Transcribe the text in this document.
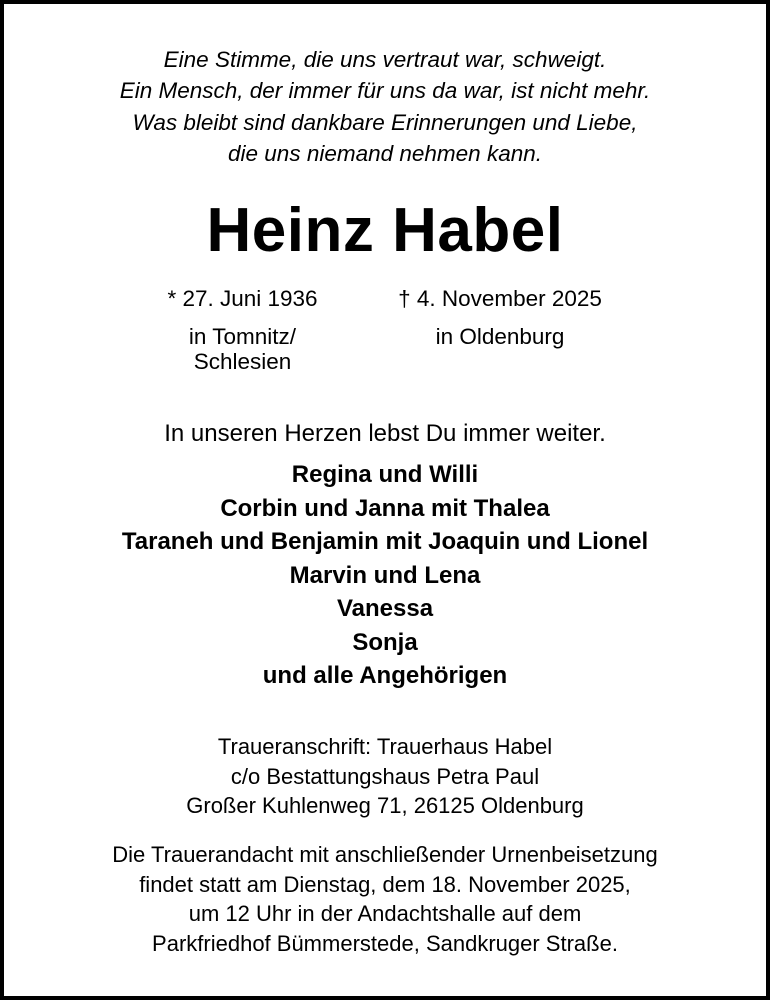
Eine Stimme, die uns vertraut war, schweigt.
Ein Mensch, der immer für uns da war, ist nicht mehr.
Was bleibt sind dankbare Erinnerungen und Liebe,
die uns niemand nehmen kann.
Heinz Habel
* 27. Juni 1936
in Tomnitz/
Schlesien
† 4. November 2025
in Oldenburg
In unseren Herzen lebst Du immer weiter.
Regina und Willi
Corbin und Janna mit Thalea
Taraneh und Benjamin mit Joaquin und Lionel
Marvin und Lena
Vanessa
Sonja
und alle Angehörigen
Traueranschrift: Trauerhaus Habel
c/o Bestattungshaus Petra Paul
Großer Kuhlenweg 71, 26125 Oldenburg
Die Trauerandacht mit anschließender Urnenbeisetzung
findet statt am Dienstag, dem 18. November 2025,
um 12 Uhr in der Andachtshalle auf dem
Parkfriedhof Bümmerstede, Sandkruger Straße.
